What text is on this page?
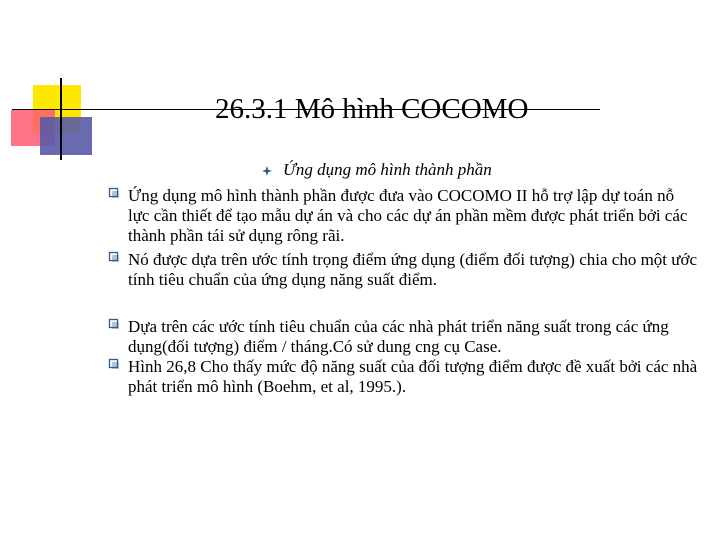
26.3.1 Mô hình COCOMO
Ứng dụng mô hình thành phần
Ứng dụng mô hình thành phần được đưa vào COCOMO II hỗ trợ lập dự toán nỗ lực cần thiết để tạo mẫu dự án và cho các dự án phần mềm được phát triển bởi các thành phần tái sử dụng rông rãi.
Nó được dựa trên ước tính trọng điểm ứng dụng (điểm đối tượng) chia cho một ước tính tiêu chuẩn của ứng dụng năng suất điểm.
Dựa trên các ước tính tiêu chuẩn của các nhà phát triển năng suất trong các ứng dụng(đối tượng) điểm / tháng.Có sử dung cng cụ Case.
Hình 26,8 Cho thấy mức độ năng suất của đối tượng điểm được đề xuất bởi các nhà phát triển mô hình (Boehm, et al, 1995.).
